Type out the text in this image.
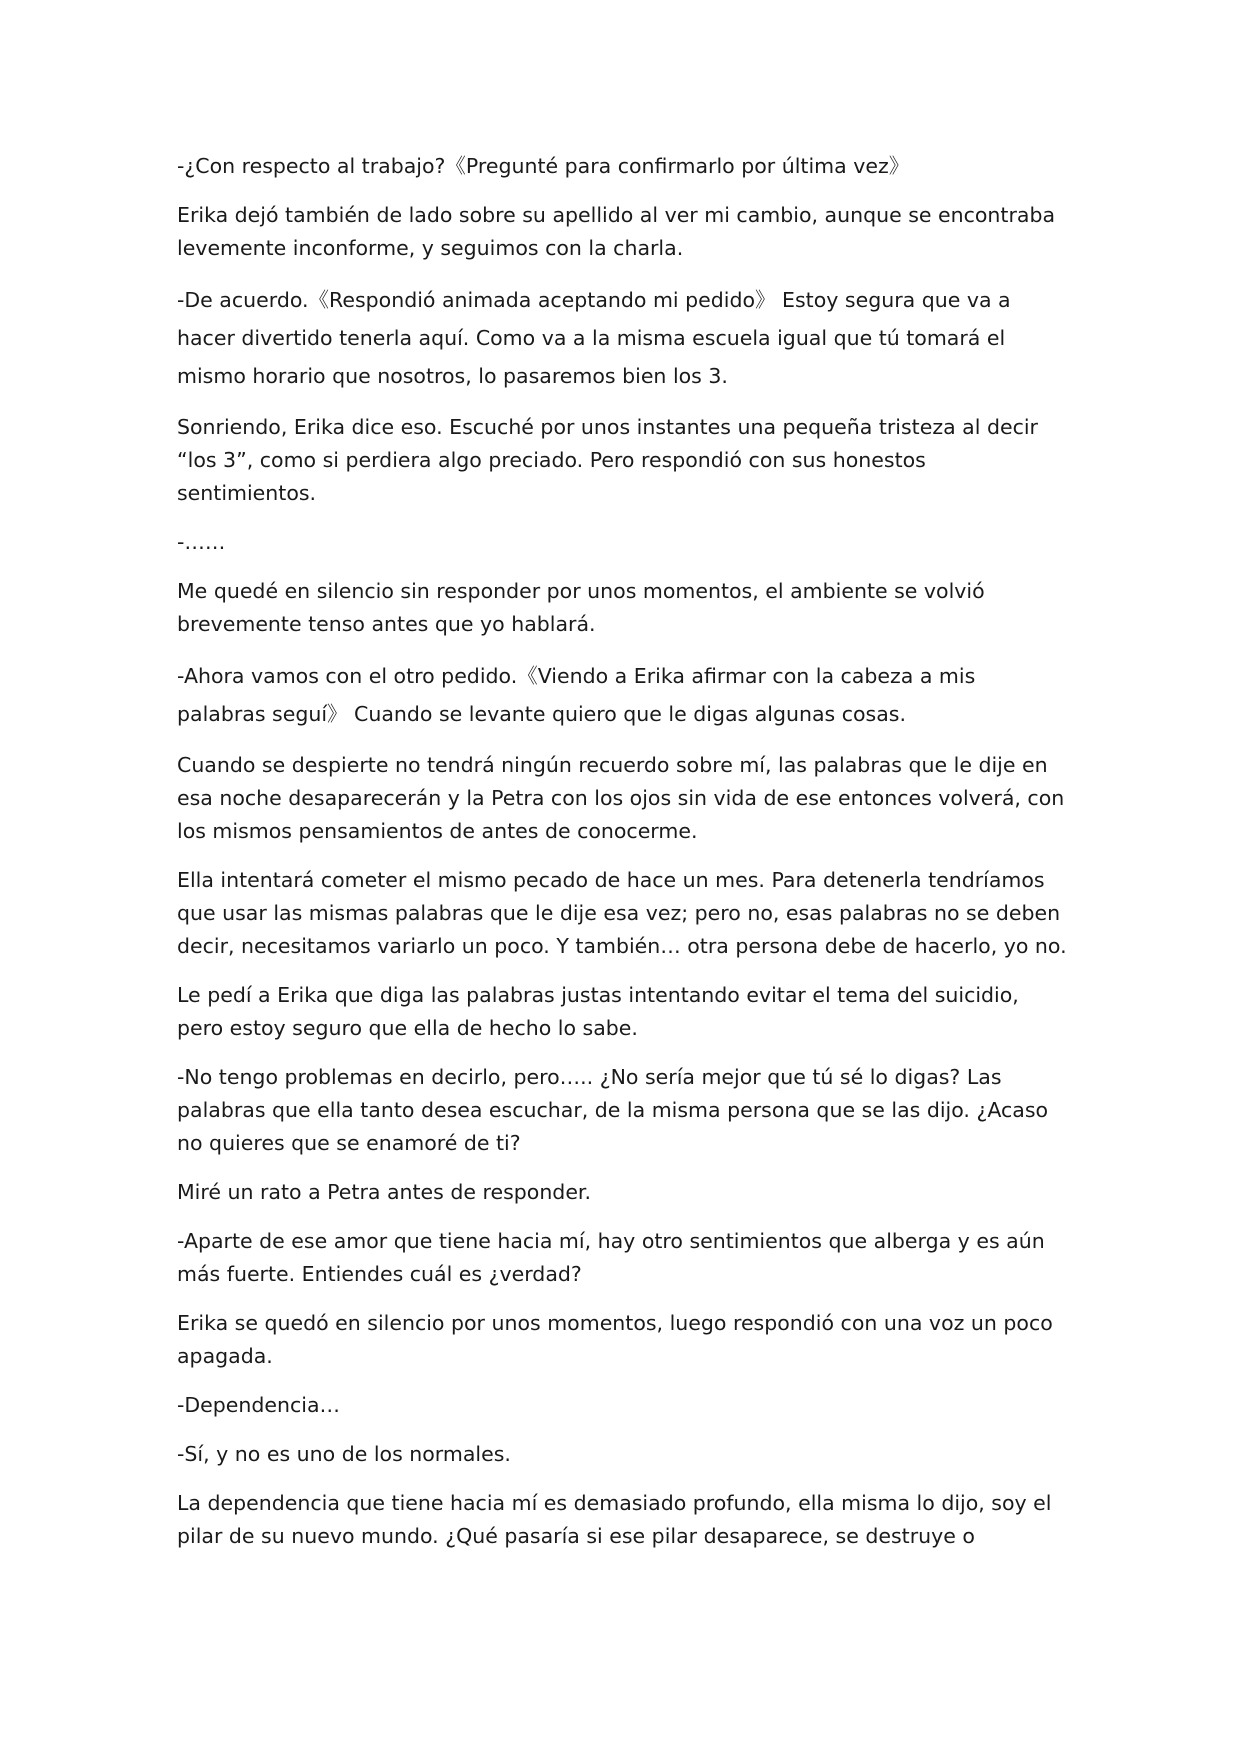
-¿Con respecto al trabajo?《Pregunté para confirmarlo por última vez》

Erika dejó también de lado sobre su apellido al ver mi cambio, aunque se encontraba levemente inconforme, y seguimos con la charla.

-De acuerdo.《Respondió animada aceptando mi pedido》 Estoy segura que va a hacer divertido tenerla aquí. Como va a la misma escuela igual que tú tomará el mismo horario que nosotros, lo pasaremos bien los 3.

Sonriendo, Erika dice eso. Escuché por unos instantes una pequeña tristeza al decir “los 3”, como si perdiera algo preciado. Pero respondió con sus honestos sentimientos.

-……

Me quedé en silencio sin responder por unos momentos, el ambiente se volvió brevemente tenso antes que yo hablará.

-Ahora vamos con el otro pedido.《Viendo a Erika afirmar con la cabeza a mis palabras seguí》 Cuando se levante quiero que le digas algunas cosas.

Cuando se despierte no tendrá ningún recuerdo sobre mí, las palabras que le dije en esa noche desaparecerán y la Petra con los ojos sin vida de ese entonces volverá, con los mismos pensamientos de antes de conocerme.

Ella intentará cometer el mismo pecado de hace un mes. Para detenerla tendríamos que usar las mismas palabras que le dije esa vez; pero no, esas palabras no se deben decir, necesitamos variarlo un poco. Y también… otra persona debe de hacerlo, yo no.

Le pedí a Erika que diga las palabras justas intentando evitar el tema del suicidio, pero estoy seguro que ella de hecho lo sabe.

-No tengo problemas en decirlo, pero….. ¿No sería mejor que tú sé lo digas? Las palabras que ella tanto desea escuchar, de la misma persona que se las dijo. ¿Acaso no quieres que se enamoré de ti?

Miré un rato a Petra antes de responder.

-Aparte de ese amor que tiene hacia mí, hay otro sentimientos que alberga y es aún más fuerte. Entiendes cuál es ¿verdad?

Erika se quedó en silencio por unos momentos, luego respondió con una voz un poco apagada.

-Dependencia…

-Sí, y no es uno de los normales.

La dependencia que tiene hacia mí es demasiado profundo, ella misma lo dijo, soy el pilar de su nuevo mundo. ¿Qué pasaría si ese pilar desaparece, se destruye o
